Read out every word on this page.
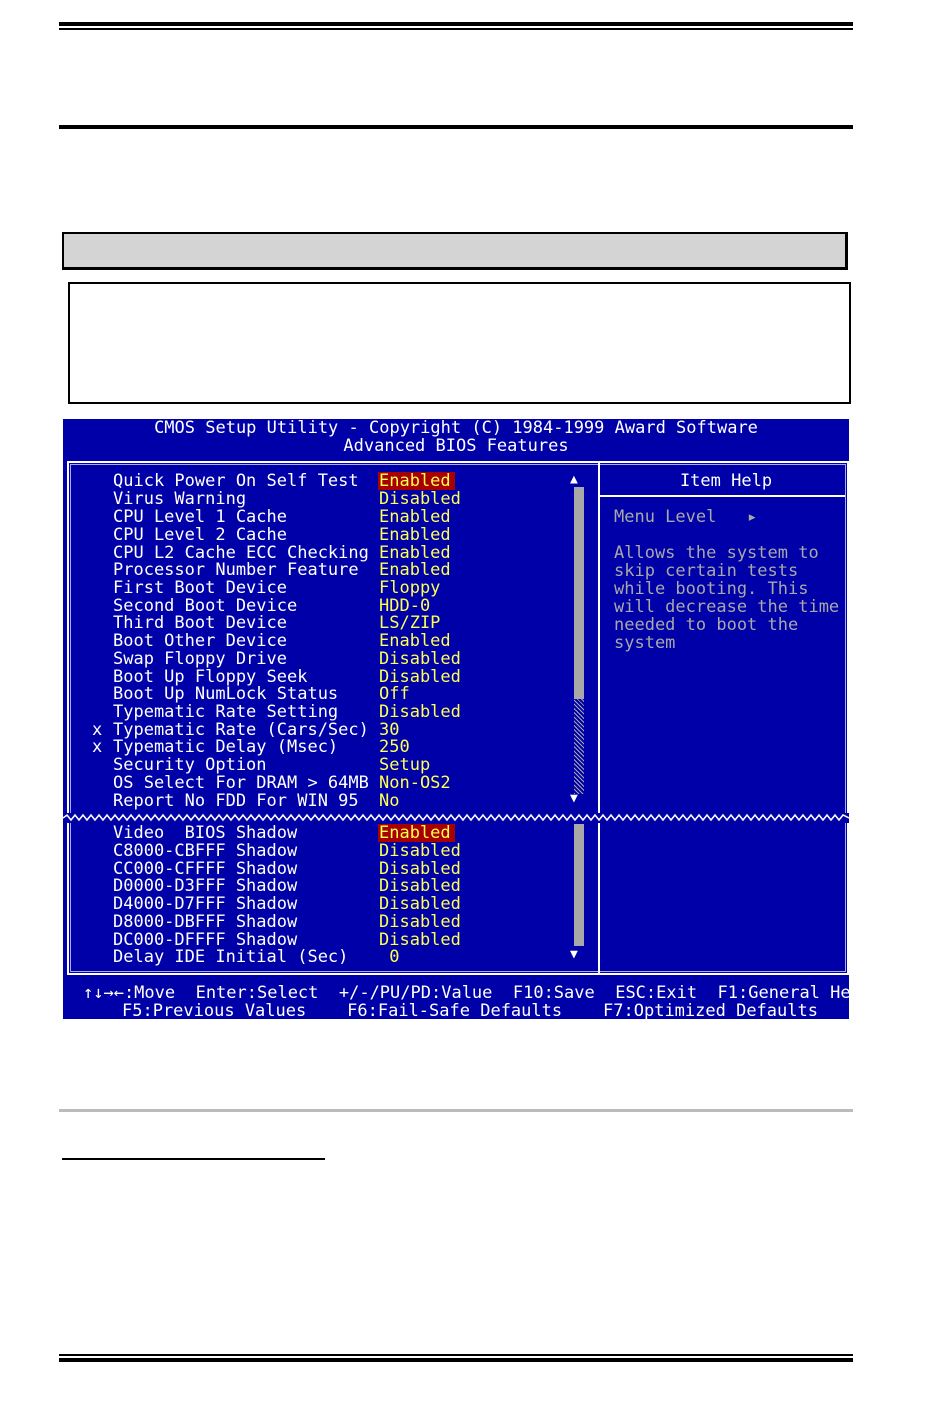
CMOS Setup Utility - Copyright (C) 1984-1999 Award Software
Advanced BIOS Features
Quick Power On Self Test Enabled
Virus Warning	Disabled
CPU Level 1 Cache	Enabled
CPU Level 2 Cache	Enabled
CPU L2 Cache ECC Checking Enabled
Processor Number Feature Enabled
First Boot Device	Floppy
Second Boot Device	HDD-0
Third Boot Device	LS/ZIP
Boot Other Device	Enabled
Swap Floppy Drive	Disabled
Boot Up Floppy Seek	Disabled
Boot Up NumLock Status Off
Typematic Rate Setting Disabled
x Typematic Rate (Cars/Sec) 30
x Typematic Delay (Msec) 250
Security Option	Setup
OS Select For DRAM > 64MB Non-OS2
Report No FDD For WIN 95 No
▲
▼
Video  BIOS Shadow	Enabled
C8000-CBFFF Shadow	Disabled
CC000-CFFFF Shadow	Disabled
D0000-D3FFF Shadow	Disabled
D4000-D7FFF Shadow	Disabled
D8000-DBFFF Shadow	Disabled
DC000-DFFFF Shadow	Disabled
Delay IDE Initial (Sec) 0	▼
Item Help
Menu Level   ▸
Allows the system to
skip certain tests
while booting. This
will decrease the time
needed to boot the
system
↑↓→←:Move  Enter:Select  +/-/PU/PD:Value  F10:Save  ESC:Exit  F1:General Help
F5:Previous Values    F6:Fail-Safe Defaults    F7:Optimized Defaults
